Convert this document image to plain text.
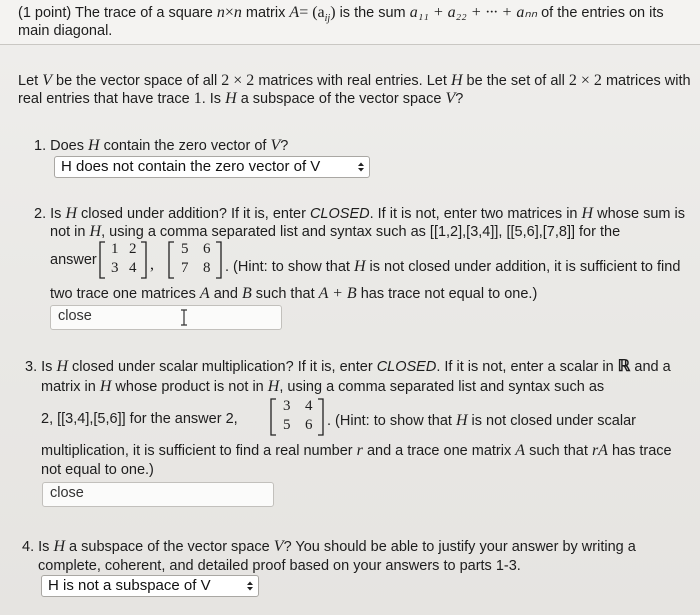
(1 point) The trace of a square n×n matrix $A= (a_{ij})$ is the sum a₁₁ + a₂₂ + ··· + aₙₙ of the entries on its
main diagonal.
Let V be the vector space of all 2 × 2 matrices with real entries. Let H be the set of all 2 × 2 matrices with
real entries that have trace 1. Is H a subspace of the vector space V?
1. Does H contain the zero vector of V?
H does not contain the zero vector of V
2. Is H closed under addition? If it is, enter CLOSED. If it is not, enter two matrices in H whose sum is
not in H, using a comma separated list and syntax such as [[1,2],[3,4]], [[5,6],[7,8]] for the
answer
1 2
3 4 ,
5 6
7 8 . (Hint: to show that H is not closed under addition, it is sufficient to find
two trace one matrices A and B such that A + B has trace not equal to one.)
close
3. Is H closed under scalar multiplication? If it is, enter CLOSED. If it is not, enter a scalar in ℝ and a
matrix in H whose product is not in H, using a comma separated list and syntax such as
2, [[3,4],[5,6]] for the answer 2,
3 4
5 6 . (Hint: to show that H is not closed under scalar
multiplication, it is sufficient to find a real number r and a trace one matrix A such that rA has trace
not equal to one.)
close
4. Is H a subspace of the vector space V? You should be able to justify your answer by writing a
complete, coherent, and detailed proof based on your answers to parts 1-3.
H is not a subspace of V
